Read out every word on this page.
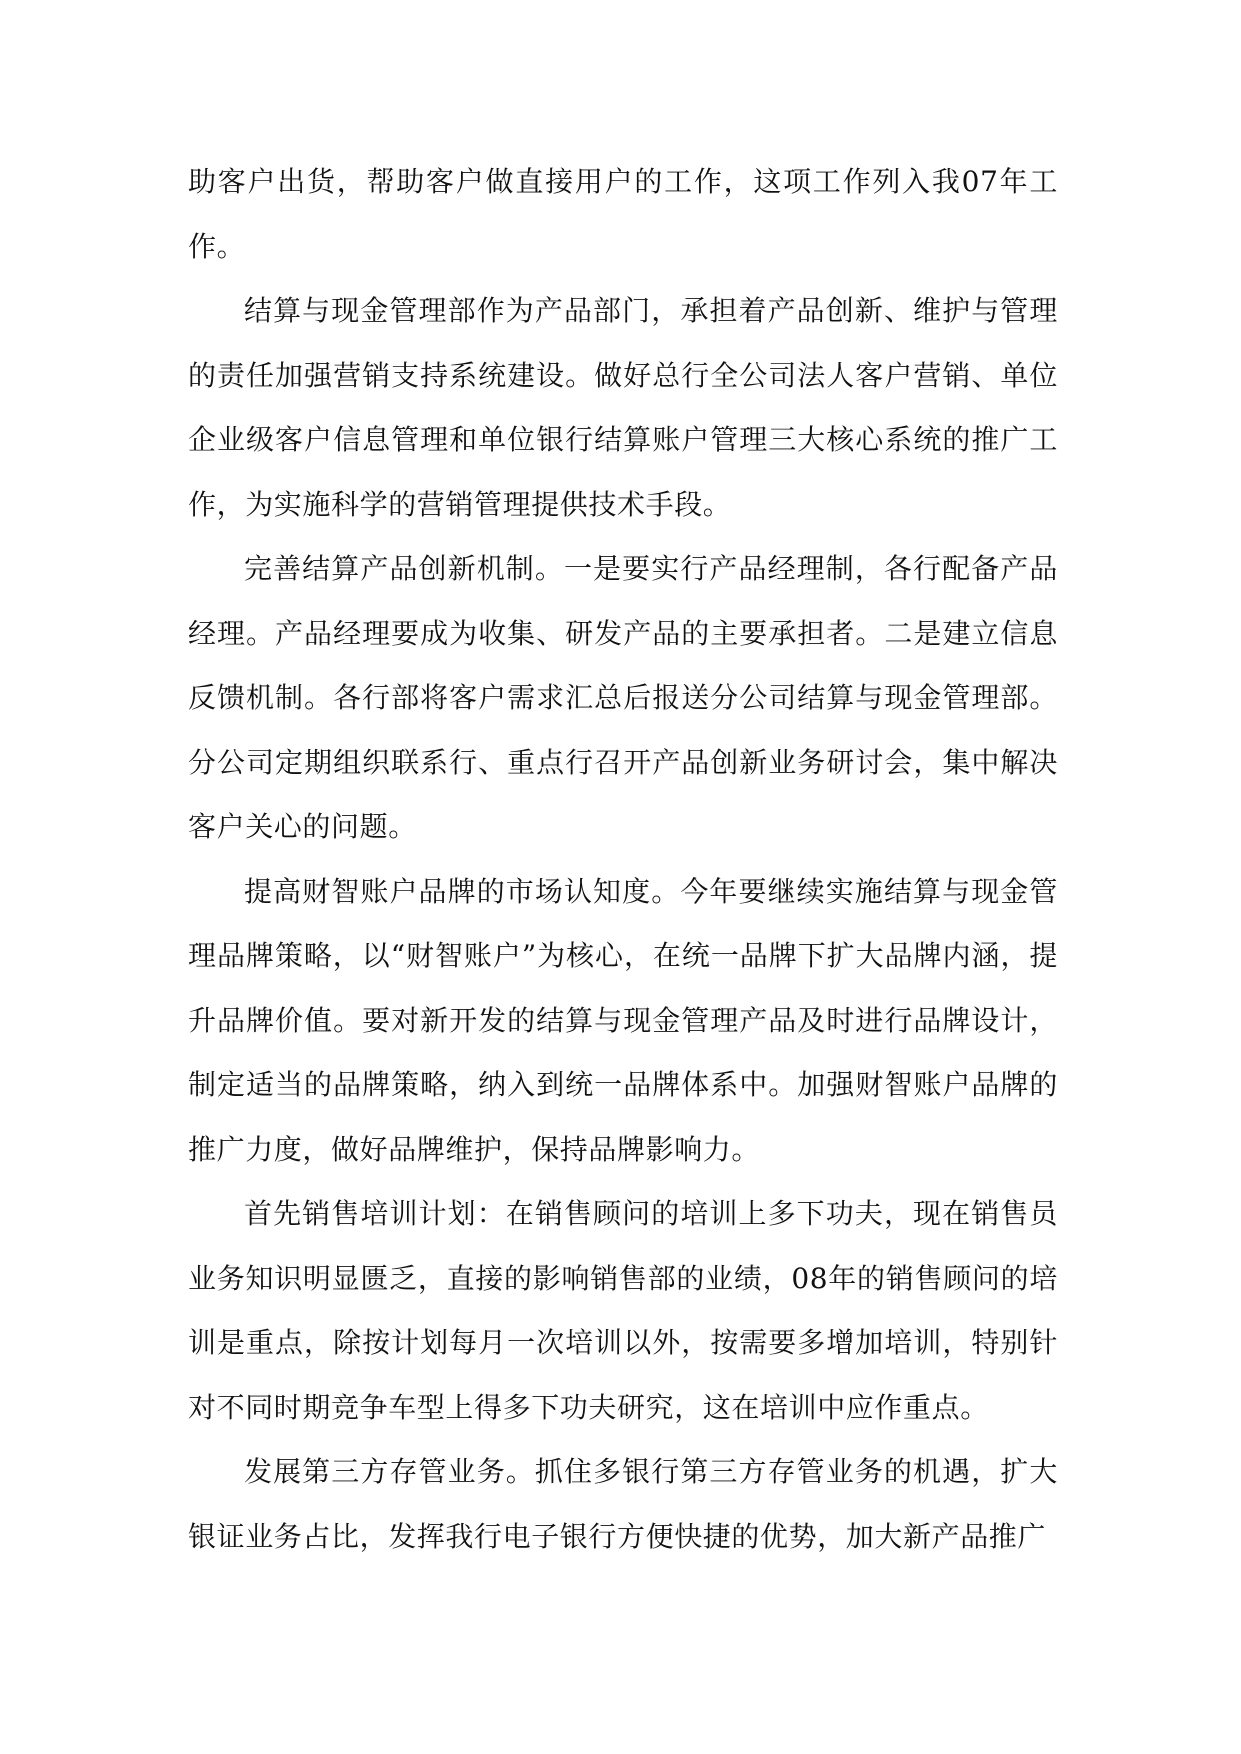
助客户出货，帮助客户做直接用户的工作，这项工作列入我07年工作。

结算与现金管理部作为产品部门，承担着产品创新、维护与管理的责任加强营销支持系统建设。做好总行全公司法人客户营销、单位企业级客户信息管理和单位银行结算账户管理三大核心系统的推广工作，为实施科学的营销管理提供技术手段。

完善结算产品创新机制。一是要实行产品经理制，各行配备产品经理。产品经理要成为收集、研发产品的主要承担者。二是建立信息反馈机制。各行部将客户需求汇总后报送分公司结算与现金管理部。分公司定期组织联系行、重点行召开产品创新业务研讨会，集中解决客户关心的问题。

提高财智账户品牌的市场认知度。今年要继续实施结算与现金管理品牌策略，以“财智账户”为核心，在统一品牌下扩大品牌内涵，提升品牌价值。要对新开发的结算与现金管理产品及时进行品牌设计，制定适当的品牌策略，纳入到统一品牌体系中。加强财智账户品牌的推广力度，做好品牌维护，保持品牌影响力。

首先销售培训计划：在销售顾问的培训上多下功夫，现在销售员业务知识明显匮乏，直接的影响销售部的业绩，08年的销售顾问的培训是重点，除按计划每月一次培训以外，按需要多增加培训，特别针对不同时期竞争车型上得多下功夫研究，这在培训中应作重点。

发展第三方存管业务。抓住多银行第三方存管业务的机遇，扩大银证业务占比，发挥我行电子银行方便快捷的优势，加大新产品推广
